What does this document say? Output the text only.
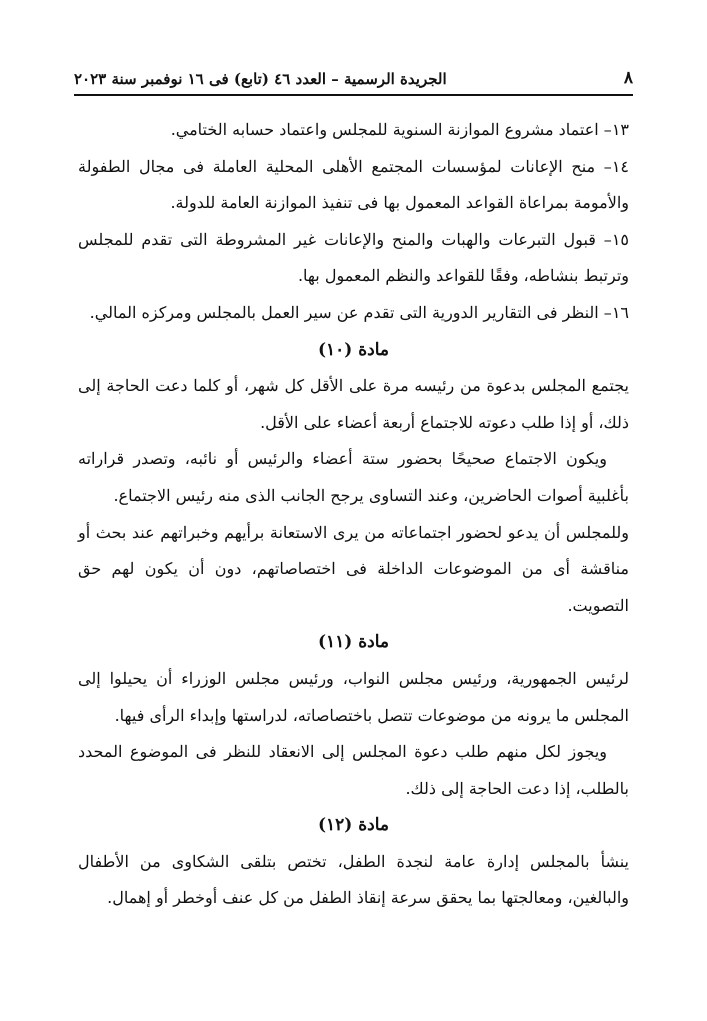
٨
الجريدة الرسمية – العدد ٤٦ (تابع) فى ١٦ نوفمبر سنة ٢٠٢٣

١٣– اعتماد مشروع الموازنة السنوية للمجلس واعتماد حسابه الختامي.

١٤– منح الإعانات لمؤسسات المجتمع الأهلى المحلية العاملة فى مجال الطفولة والأمومة بمراعاة القواعد المعمول بها فى تنفيذ الموازنة العامة للدولة.

١٥– قبول التبرعات والهبات والمنح والإعانات غير المشروطة التى تقدم للمجلس وترتبط بنشاطه، وفقًا للقواعد والنظم المعمول بها.

١٦– النظر فى التقارير الدورية التى تقدم عن سير العمل بالمجلس ومركزه المالي.

مادة (١٠)

يجتمع المجلس بدعوة من رئيسه مرة على الأقل كل شهر، أو كلما دعت الحاجة إلى ذلك، أو إذا طلب دعوته للاجتماع أربعة أعضاء على الأقل.

ويكون الاجتماع صحيحًا بحضور ستة أعضاء والرئيس أو نائبه، وتصدر قراراته بأغلبية أصوات الحاضرين، وعند التساوى يرجح الجانب الذى منه رئيس الاجتماع.

وللمجلس أن يدعو لحضور اجتماعاته من يرى الاستعانة برأيهم وخبراتهم عند بحث أو مناقشة أى من الموضوعات الداخلة فى اختصاصاتهم، دون أن يكون لهم حق التصويت.

مادة (١١)

لرئيس الجمهورية، ورئيس مجلس النواب، ورئيس مجلس الوزراء أن يحيلوا إلى المجلس ما يرونه من موضوعات تتصل باختصاصاته، لدراستها وإبداء الرأى فيها.

ويجوز لكل منهم طلب دعوة المجلس إلى الانعقاد للنظر فى الموضوع المحدد بالطلب، إذا دعت الحاجة إلى ذلك.

مادة (١٢)

ينشأ بالمجلس إدارة عامة لنجدة الطفل، تختص بتلقى الشكاوى من الأطفال والبالغين، ومعالجتها بما يحقق سرعة إنقاذ الطفل من كل عنف أوخطر أو إهمال.
